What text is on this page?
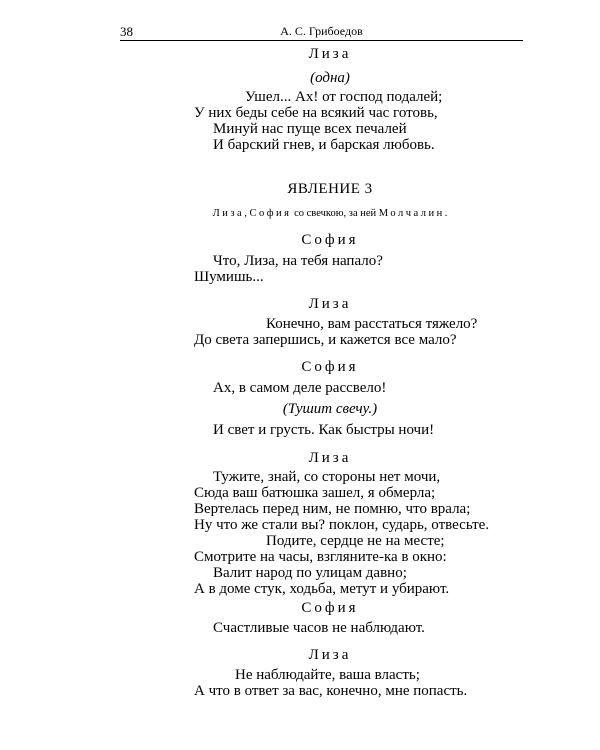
38	А. С. Грибоедов
Лиза
(одна)
Ушел... Ах! от господ подалей;
У них беды себе на всякий час готовь,
Минуй нас пуще всех печалей
И барский гнев, и барская любовь.
ЯВЛЕНИЕ 3
Лиза, София со свечкою, за ней Молчалин.
София
Что, Лиза, на тебя напало?
Шумишь...
Лиза
Конечно, вам расстаться тяжело?
До света запершись, и кажется все мало?
София
Ах, в самом деле рассвело!
(Тушит свечу.)
И свет и грусть. Как быстры ночи!
Лиза
Тужите, знай, со стороны нет мочи,
Сюда ваш батюшка зашел, я обмерла;
Вертелась перед ним, не помню, что врала;
Ну что же стали вы? поклон, сударь, отвесьте.
Подите, сердце не на месте;
Смотрите на часы, взгляните-ка в окно:
Валит народ по улицам давно;
А в доме стук, ходьба, метут и убирают.
София
Счастливые часов не наблюдают.
Лиза
Не наблюдайте, ваша власть;
А что в ответ за вас, конечно, мне попасть.
